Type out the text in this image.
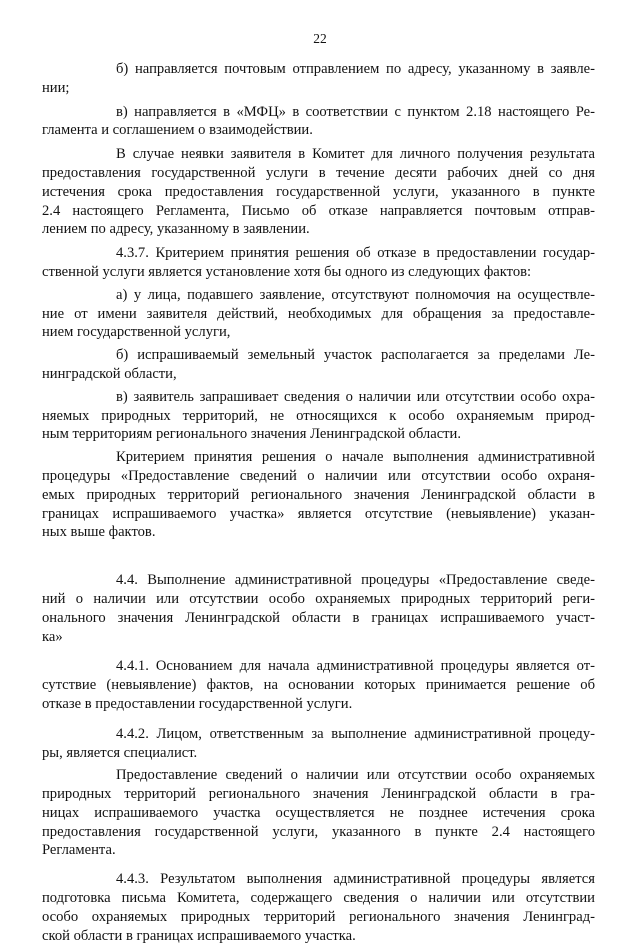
22

б) направляется почтовым отправлением по адресу, указанному в заявле-
нии;

в) направляется в «МФЦ» в соответствии с пунктом 2.18 настоящего Ре-
гламента и соглашением о взаимодействии.

В случае неявки заявителя в Комитет для личного получения результата
предоставления государственной услуги в течение десяти рабочих дней со дня
истечения срока предоставления государственной услуги, указанного в пункте
2.4 настоящего Регламента, Письмо об отказе направляется почтовым отправ-
лением по адресу, указанному в заявлении.

4.3.7. Критерием принятия решения об отказе в предоставлении государ-
ственной услуги является установление хотя бы одного из следующих фактов:

а) у лица, подавшего заявление, отсутствуют полномочия на осуществле-
ние от имени заявителя действий, необходимых для обращения за предоставле-
нием государственной услуги,

б) испрашиваемый земельный участок располагается за пределами Ле-
нинградской области,

в) заявитель запрашивает сведения о наличии или отсутствии особо охра-
няемых природных территорий, не относящихся к особо охраняемым природ-
ным территориям регионального значения Ленинградской области.

Критерием принятия решения о начале выполнения административной
процедуры «Предоставление сведений о наличии или отсутствии особо охраня-
емых природных территорий регионального значения Ленинградской области в
границах испрашиваемого участка» является отсутствие (невыявление) указан-
ных выше фактов.

4.4. Выполнение административной процедуры «Предоставление сведе-
ний о наличии или отсутствии особо охраняемых природных территорий реги-
онального значения Ленинградской области в границах испрашиваемого участ-
ка»

4.4.1. Основанием для начала административной процедуры является от-
сутствие (невыявление) фактов, на основании которых принимается решение об
отказе в предоставлении государственной услуги.

4.4.2. Лицом, ответственным за выполнение административной процеду-
ры, является специалист.

Предоставление сведений о наличии или отсутствии особо охраняемых
природных территорий регионального значения Ленинградской области в гра-
ницах испрашиваемого участка осуществляется не позднее истечения срока
предоставления государственной услуги, указанного в пункте 2.4 настоящего
Регламента.

4.4.3. Результатом выполнения административной процедуры является
подготовка письма Комитета, содержащего сведения о наличии или отсутствии
особо охраняемых природных территорий регионального значения Ленинград-
ской области в границах испрашиваемого участка.
